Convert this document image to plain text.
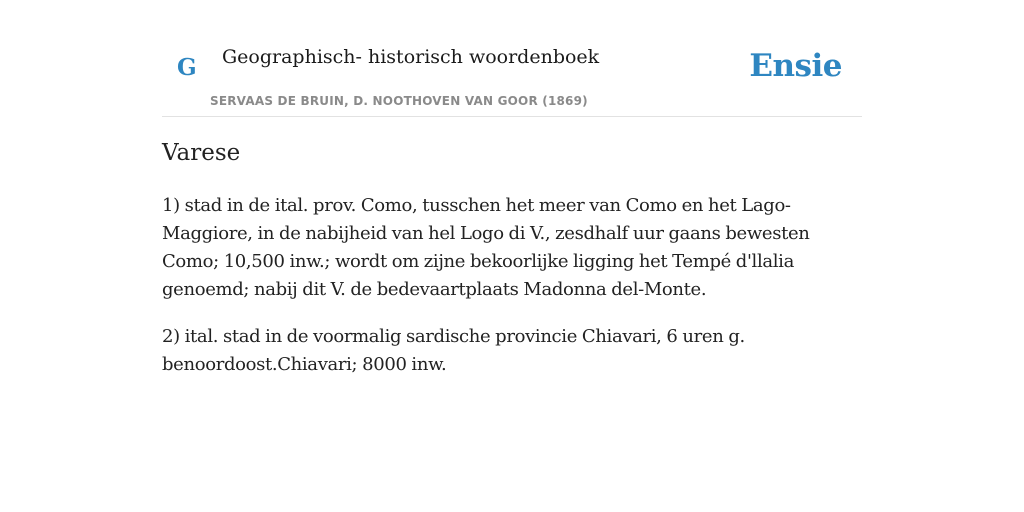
G Geographisch- historisch woordenboek
SERVAAS DE BRUIN, D. NOOTHOVEN VAN GOOR (1869)
Ensie
Varese

1) stad in de ital. prov. Como, tusschen het meer van Como en het Lago-Maggiore, in de nabijheid van hel Logo di V., zesdhalf uur gaans bewesten Como; 10,500 inw.; wordt om zijne bekoorlijke ligging het Tempé d'llalia genoemd; nabij dit V. de bedevaartplaats Madonna del-Monte.

2) ital. stad in de voormalig sardische provincie Chiavari, 6 uren g. benoordoost.Chiavari; 8000 inw.
